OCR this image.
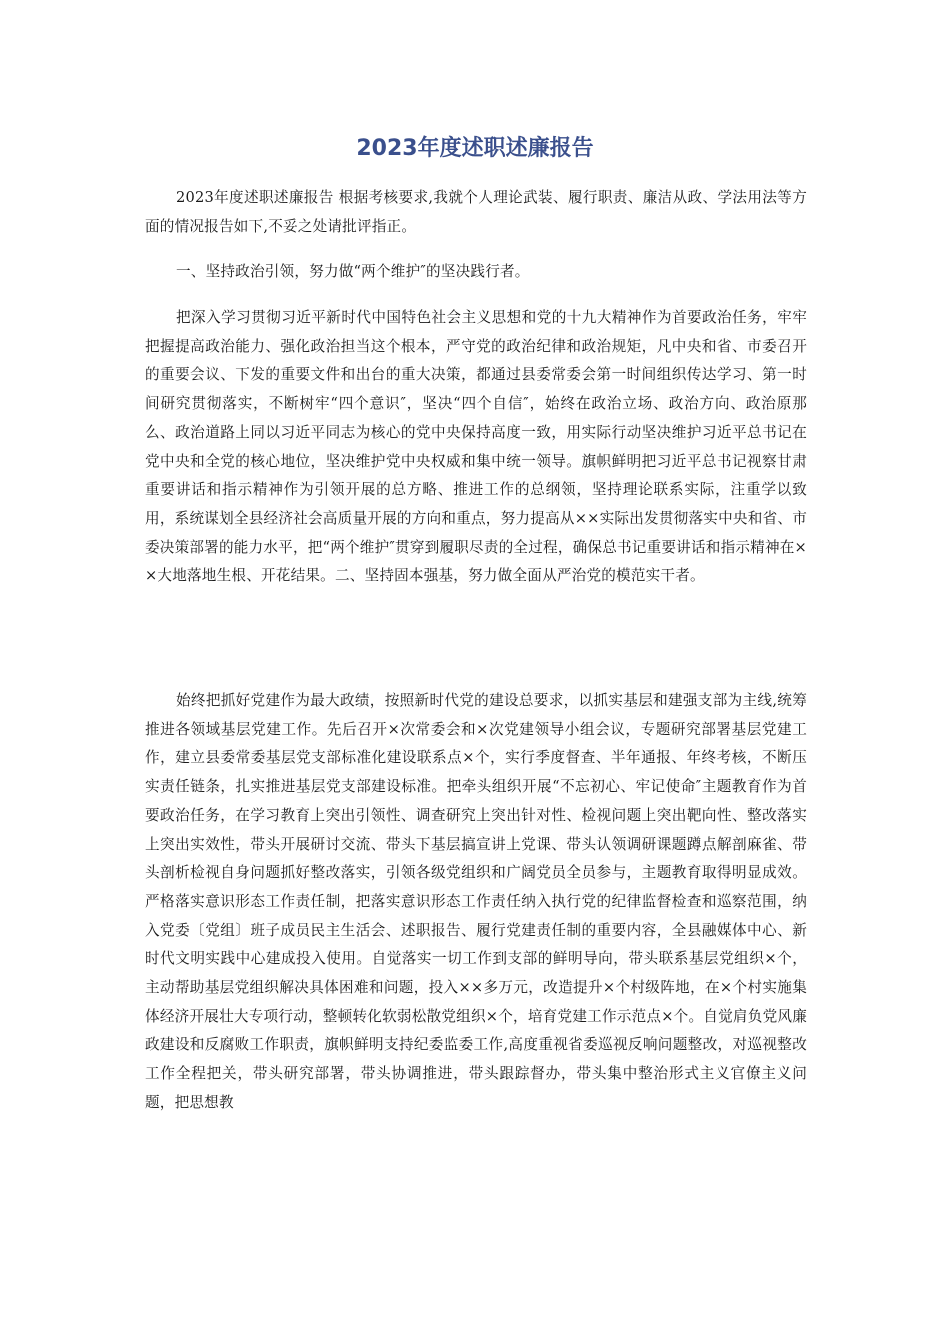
2023年度述职述廉报告

2023年度述职述廉报告 根据考核要求,我就个人理论武装、履行职责、廉洁从政、学法用法等方面的情况报告如下,不妥之处请批评指正。

一、坚持政治引领，努力做“两个维护″的坚决践行者。

把深入学习贯彻习近平新时代中国特色社会主义思想和党的十九大精神作为首要政治任务，牢牢把握提高政治能力、强化政治担当这个根本，严守党的政治纪律和政治规矩，凡中央和省、市委召开的重要会议、下发的重要文件和出台的重大决策，都通过县委常委会第一时间组织传达学习、第一时间研究贯彻落实，不断树牢“四个意识″，坚决“四个自信″，始终在政治立场、政治方向、政治原那么、政治道路上同以习近平同志为核心的党中央保持高度一致，用实际行动坚决维护习近平总书记在党中央和全党的核心地位，坚决维护党中央权威和集中统一领导。旗帜鲜明把习近平总书记视察甘肃重要讲话和指示精神作为引领开展的总方略、推进工作的总纲领，坚持理论联系实际，注重学以致用，系统谋划全县经济社会高质量开展的方向和重点，努力提高从××实际出发贯彻落实中央和省、市委决策部署的能力水平，把“两个维护″贯穿到履职尽责的全过程，确保总书记重要讲话和指示精神在××大地落地生根、开花结果。二、坚持固本强基，努力做全面从严治党的模范实干者。

始终把抓好党建作为最大政绩，按照新时代党的建设总要求，以抓实基层和建强支部为主线,统筹推进各领域基层党建工作。先后召开×次常委会和×次党建领导小组会议，专题研究部署基层党建工作，建立县委常委基层党支部标准化建设联系点×个，实行季度督查、半年通报、年终考核，不断压实责任链条，扎实推进基层党支部建设标准。把牵头组织开展“不忘初心、牢记使命″主题教育作为首要政治任务，在学习教育上突出引领性、调查研究上突出针对性、检视问题上突出靶向性、整改落实上突出实效性，带头开展研讨交流、带头下基层搞宣讲上党课、带头认领调研课题蹲点解剖麻雀、带头剖析检视自身问题抓好整改落实，引领各级党组织和广阔党员全员参与，主题教育取得明显成效。严格落实意识形态工作责任制，把落实意识形态工作责任纳入执行党的纪律监督检查和巡察范围，纳入党委〔党组〕班子成员民主生活会、述职报告、履行党建责任制的重要内容，全县融媒体中心、新时代文明实践中心建成投入使用。自觉落实一切工作到支部的鲜明导向，带头联系基层党组织×个，主动帮助基层党组织解决具体困难和问题，投入××多万元，改造提升×个村级阵地，在×个村实施集体经济开展壮大专项行动，整顿转化软弱松散党组织×个，培育党建工作示范点×个。自觉肩负党风廉政建设和反腐败工作职责，旗帜鲜明支持纪委监委工作,高度重视省委巡视反响问题整改，对巡视整改工作全程把关，带头研究部署，带头协调推进，带头跟踪督办，带头集中整治形式主义官僚主义问题，把思想教
